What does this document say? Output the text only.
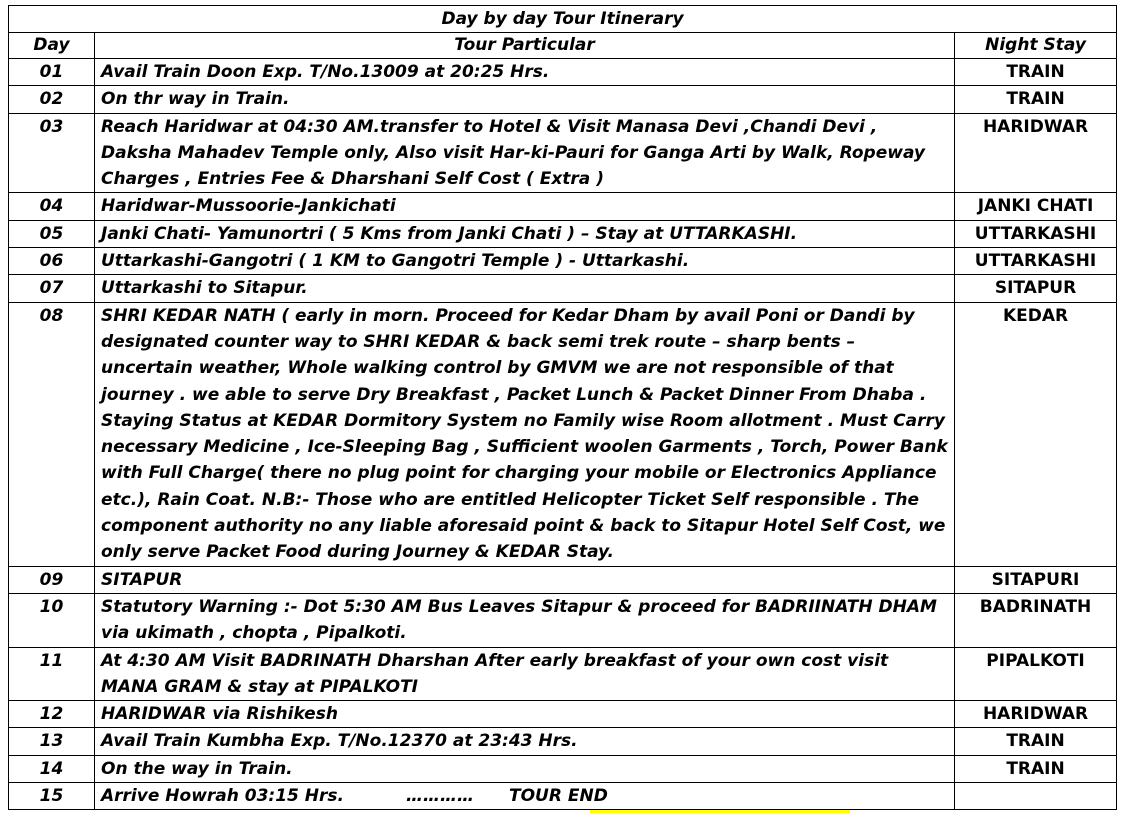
Day by day Tour Itinerary		
Day	Tour Particular	Night Stay
01	Avail Train Doon Exp. T/No.13009 at 20:25 Hrs.	TRAIN
02	On thr way in Train.	TRAIN
03	Reach Haridwar at 04:30 AM.transfer to Hotel & Visit Manasa Devi ,Chandi Devi , Daksha Mahadev Temple only, Also visit Har-ki-Pauri for Ganga Arti by Walk, Ropeway Charges , Entries Fee & Dharshani Self Cost ( Extra )	HARIDWAR
04	Haridwar-Mussoorie-Jankichati	JANKI CHATI
05	Janki Chati- Yamunortri ( 5 Kms from Janki Chati ) – Stay at UTTARKASHI.	UTTARKASHI
06	Uttarkashi-Gangotri ( 1 KM to Gangotri Temple ) - Uttarkashi.	UTTARKASHI
07	Uttarkashi to Sitapur.	SITAPUR
08	SHRI KEDAR NATH ( early in morn. Proceed for Kedar Dham by avail Poni or Dandi by designated counter way to SHRI KEDAR & back semi trek route – sharp bents – uncertain weather, Whole walking control by GMVM we are not responsible of that journey . we able to serve Dry Breakfast , Packet Lunch & Packet Dinner From Dhaba . Staying Status at KEDAR Dormitory System no Family wise Room allotment . Must Carry necessary Medicine , Ice-Sleeping Bag , Sufficient woolen Garments , Torch, Power Bank with Full Charge( there no plug point for charging your mobile or Electronics Appliance etc.), Rain Coat. N.B:- Those who are entitled Helicopter Ticket Self responsible . The component authority no any liable aforesaid point & back to Sitapur Hotel Self Cost, we only serve Packet Food during Journey & KEDAR Stay.	KEDAR
09	SITAPUR	SITAPURI
10	Statutory Warning :- Dot 5:30 AM Bus Leaves Sitapur & proceed for BADRIINATH DHAM via ukimath , chopta , Pipalkoti.	BADRINATH
11	At 4:30 AM Visit BADRINATH Dharshan After early breakfast of your own cost visit MANA GRAM & stay at PIPALKOTI	PIPALKOTI
12	HARIDWAR via Rishikesh	HARIDWAR
13	Avail Train Kumbha Exp. T/No.12370 at 23:43 Hrs.	TRAIN
14	On the way in Train.	TRAIN
15	Arrive Howrah 03:15 Hrs. ………… TOUR END	
